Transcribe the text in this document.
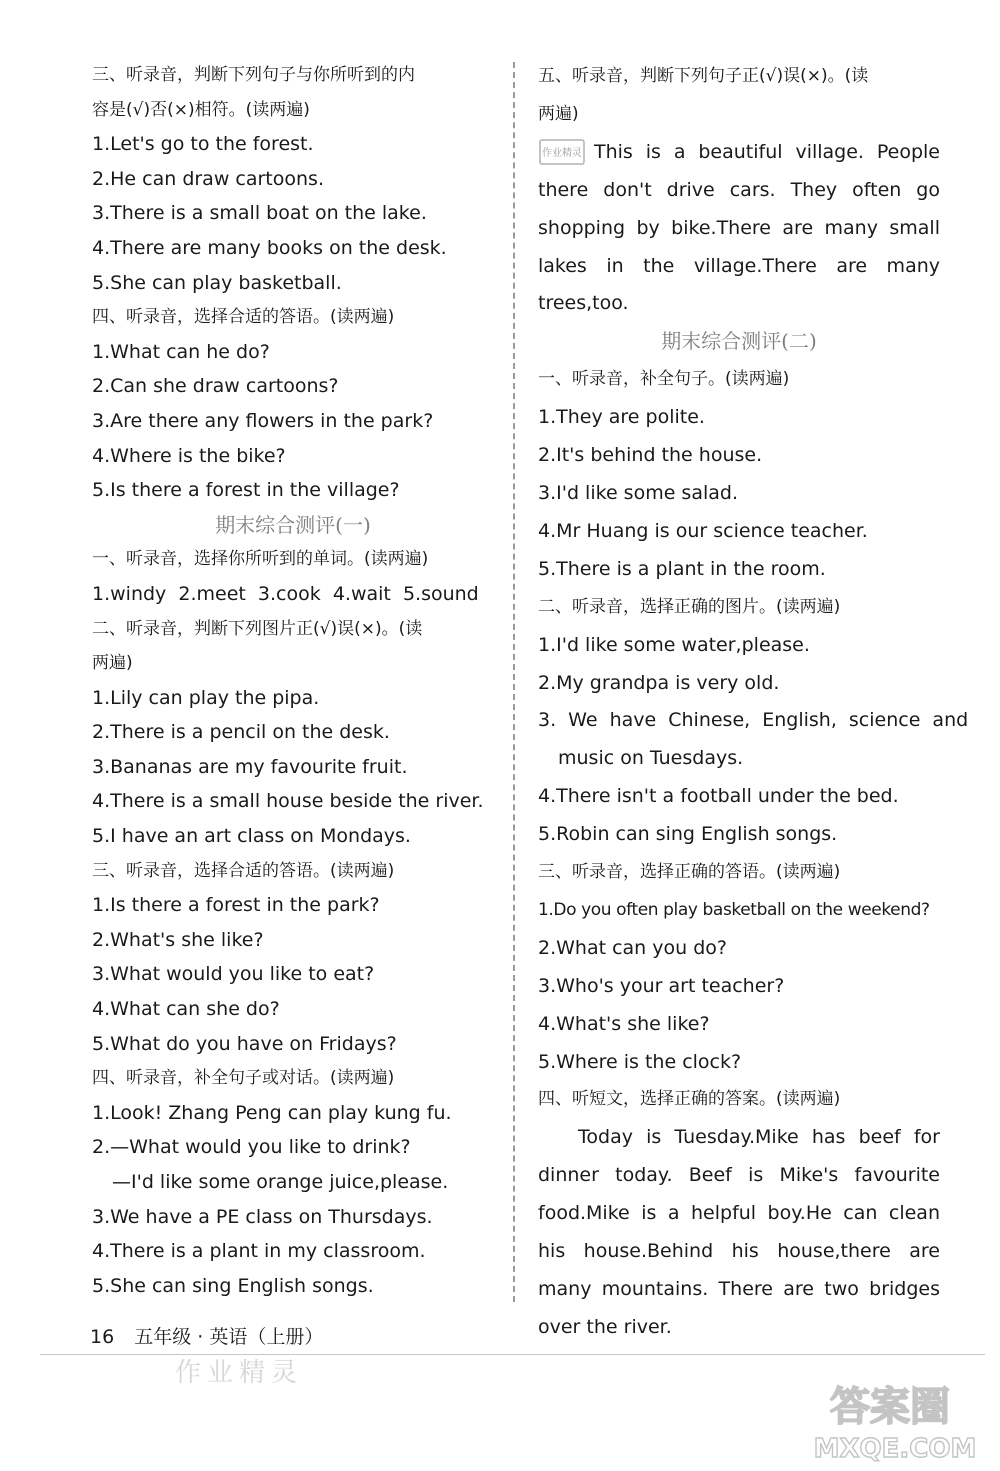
三、听录音，判断下列句子与你所听到的内
容是(√)否(×)相符。(读两遍)
1.Let's go to the forest.
2.He can draw cartoons.
3.There is a small boat on the lake.
4.There are many books on the desk.
5.She can play basketball.
四、听录音，选择合适的答语。(读两遍)
1.What can he do?
2.Can she draw cartoons?
3.Are there any flowers in the park?
4.Where is the bike?
5.Is there a forest in the village?
期末综合测评(一)
一、听录音，选择你所听到的单词。(读两遍)
1.windy  2.meet  3.cook  4.wait  5.sound
二、听录音，判断下列图片正(√)误(×)。(读
两遍)
1.Lily can play the pipa.
2.There is a pencil on the desk.
3.Bananas are my favourite fruit.
4.There is a small house beside the river.
5.I have an art class on Mondays.
三、听录音，选择合适的答语。(读两遍)
1.Is there a forest in the park?
2.What's she like?
3.What would you like to eat?
4.What can she do?
5.What do you have on Fridays?
四、听录音，补全句子或对话。(读两遍)
1.Look! Zhang Peng can play kung fu.
2.—What would you like to drink?
—I'd like some orange juice,please.
3.We have a PE class on Thursdays.
4.There is a plant in my classroom.
5.She can sing English songs.
五、听录音，判断下列句子正(√)误(×)。(读
两遍)
作业精灵 This is a beautiful village. People there don't drive cars. They often go shopping by bike.There are many small lakes in the village.There are many trees,too.
期末综合测评(二)
一、听录音，补全句子。(读两遍)
1.They are polite.
2.It's behind the house.
3.I'd like some salad.
4.Mr Huang is our science teacher.
5.There is a plant in the room.
二、听录音，选择正确的图片。(读两遍)
1.I'd like some water,please.
2.My grandpa is very old.
3. We have Chinese, English, science and
music on Tuesdays.
4.There isn't a football under the bed.
5.Robin can sing English songs.
三、听录音，选择正确的答语。(读两遍)
1.Do you often play basketball on the weekend?
2.What can you do?
3.Who's your art teacher?
4.What's she like?
5.Where is the clock?
四、听短文，选择正确的答案。(读两遍)
Today is Tuesday.Mike has beef for dinner today. Beef is Mike's favourite food.Mike is a helpful boy.He can clean his house.Behind his house,there are many mountains. There are two bridges over the river.
16 五年级 · 英语（上册）
作业精灵
答案圈
MXQE.COM
